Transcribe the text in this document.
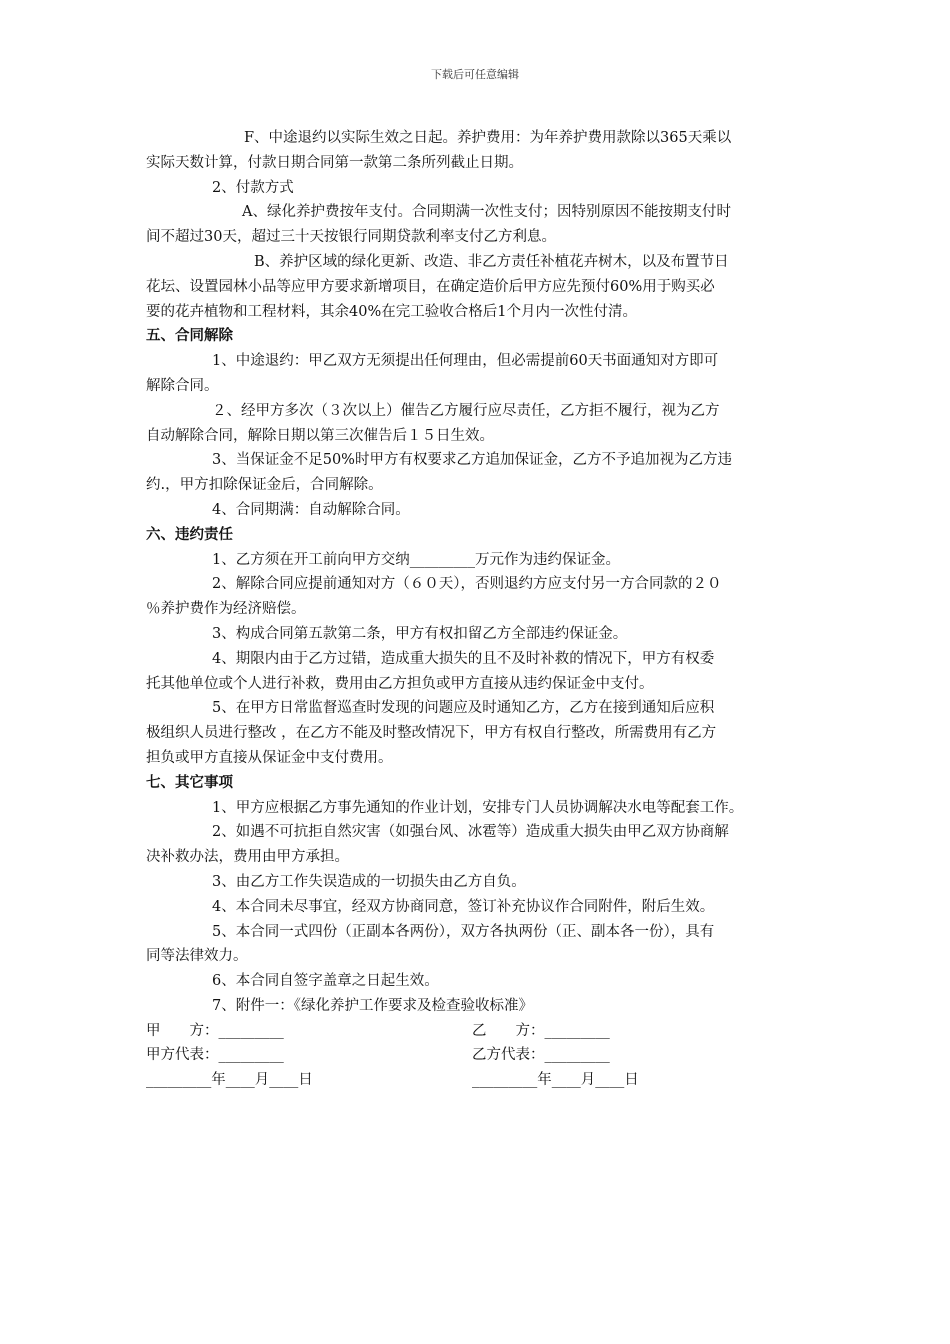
下载后可任意编辑

F、中途退约以实际生效之日起。养护费用：为年养护费用款除以365天乘以

实际天数计算，付款日期合同第一款第二条所列截止日期。

2、付款方式

A、绿化养护费按年支付。合同期满一次性支付；因特别原因不能按期支付时

间不超过30天，超过三十天按银行同期贷款利率支付乙方利息。

B、养护区域的绿化更新、改造、非乙方责任补植花卉树木，以及布置节日

花坛、设置园林小品等应甲方要求新增项目，在确定造价后甲方应先预付60%用于购买必

要的花卉植物和工程材料，其余40%在完工验收合格后1个月内一次性付清。

五、合同解除

1、中途退约：甲乙双方无须提出任何理由，但必需提前60天书面通知对方即可

解除合同。

２、经甲方多次（３次以上）催告乙方履行应尽责任，乙方拒不履行，视为乙方

自动解除合同，解除日期以第三次催告后１５日生效。

3、当保证金不足50%时甲方有权要求乙方追加保证金，乙方不予追加视为乙方违

约.，甲方扣除保证金后，合同解除。

4、合同期满：自动解除合同。

六、违约责任

1、乙方须在开工前向甲方交纳_________万元作为违约保证金。

2、解除合同应提前通知对方（６０天），否则退约方应支付另一方合同款的２０

％养护费作为经济赔偿。

3、构成合同第五款第二条，甲方有权扣留乙方全部违约保证金。

4、期限内由于乙方过错，造成重大损失的且不及时补救的情况下，甲方有权委

托其他单位或个人进行补救，费用由乙方担负或甲方直接从违约保证金中支付。

5、在甲方日常监督巡查时发现的问题应及时通知乙方，乙方在接到通知后应积

极组织人员进行整改 ，在乙方不能及时整改情况下，甲方有权自行整改，所需费用有乙方

担负或甲方直接从保证金中支付费用。

七、其它事项

1、甲方应根据乙方事先通知的作业计划，安排专门人员协调解决水电等配套工作。

2、如遇不可抗拒自然灾害（如强台风、冰雹等）造成重大损失由甲乙双方协商解

决补救办法，费用由甲方承担。

3、由乙方工作失误造成的一切损失由乙方自负。

4、本合同未尽事宜，经双方协商同意，签订补充协议作合同附件，附后生效。

5、本合同一式四份（正副本各两份），双方各执两份（正、副本各一份），具有

同等法律效力。

6、本合同自签字盖章之日起生效。

7、附件一：《绿化养护工作要求及检查验收标准》

甲　　方：_________	乙　　方：_________
甲方代表：_________	乙方代表：_________
_________年____月____日	_________年____月____日
